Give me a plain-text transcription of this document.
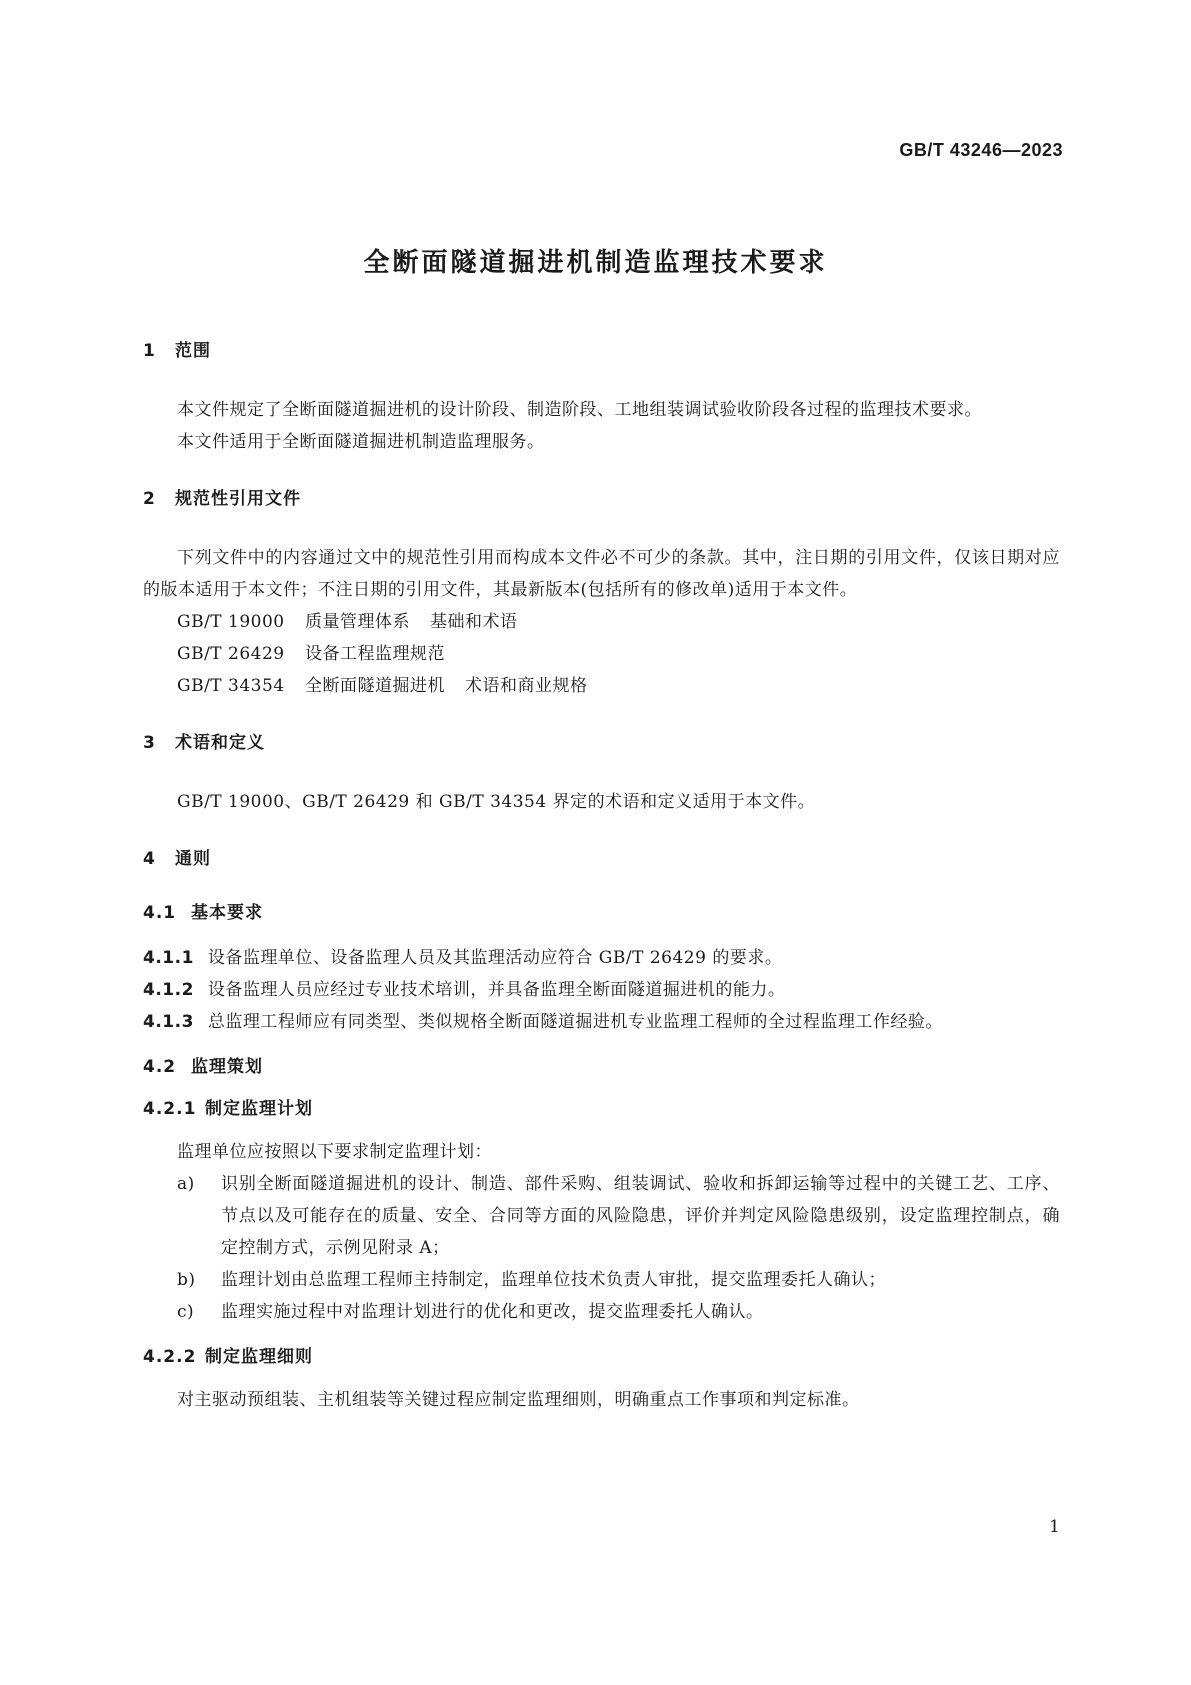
GB/T 43246—2023
全断面隧道掘进机制造监理技术要求
1 范围

本文件规定了全断面隧道掘进机的设计阶段、制造阶段、工地组装调试验收阶段各过程的监理技术要求。

本文件适用于全断面隧道掘进机制造监理服务。

2 规范性引用文件

下列文件中的内容通过文中的规范性引用而构成本文件必不可少的条款。其中，注日期的引用文件，仅该日期对应的版本适用于本文件；不注日期的引用文件，其最新版本(包括所有的修改单)适用于本文件。

GB/T 19000 质量管理体系 基础和术语

GB/T 26429 设备工程监理规范

GB/T 34354 全断面隧道掘进机 术语和商业规格

3 术语和定义

GB/T 19000、GB/T 26429 和 GB/T 34354 界定的术语和定义适用于本文件。

4 通则
4.1 基本要求

4.1.1 设备监理单位、设备监理人员及其监理活动应符合 GB/T 26429 的要求。

4.1.2 设备监理人员应经过专业技术培训，并具备监理全断面隧道掘进机的能力。

4.1.3 总监理工程师应有同类型、类似规格全断面隧道掘进机专业监理工程师的全过程监理工作经验。

4.2 监理策划
4.2.1 制定监理计划

监理单位应按照以下要求制定监理计划：

a) 识别全断面隧道掘进机的设计、制造、部件采购、组装调试、验收和拆卸运输等过程中的关键工艺、工序、节点以及可能存在的质量、安全、合同等方面的风险隐患，评价并判定风险隐患级别，设定监理控制点，确定控制方式，示例见附录 A；

b) 监理计划由总监理工程师主持制定，监理单位技术负责人审批，提交监理委托人确认；

c) 监理实施过程中对监理计划进行的优化和更改，提交监理委托人确认。

4.2.2 制定监理细则

对主驱动预组装、主机组装等关键过程应制定监理细则，明确重点工作事项和判定标准。

1
